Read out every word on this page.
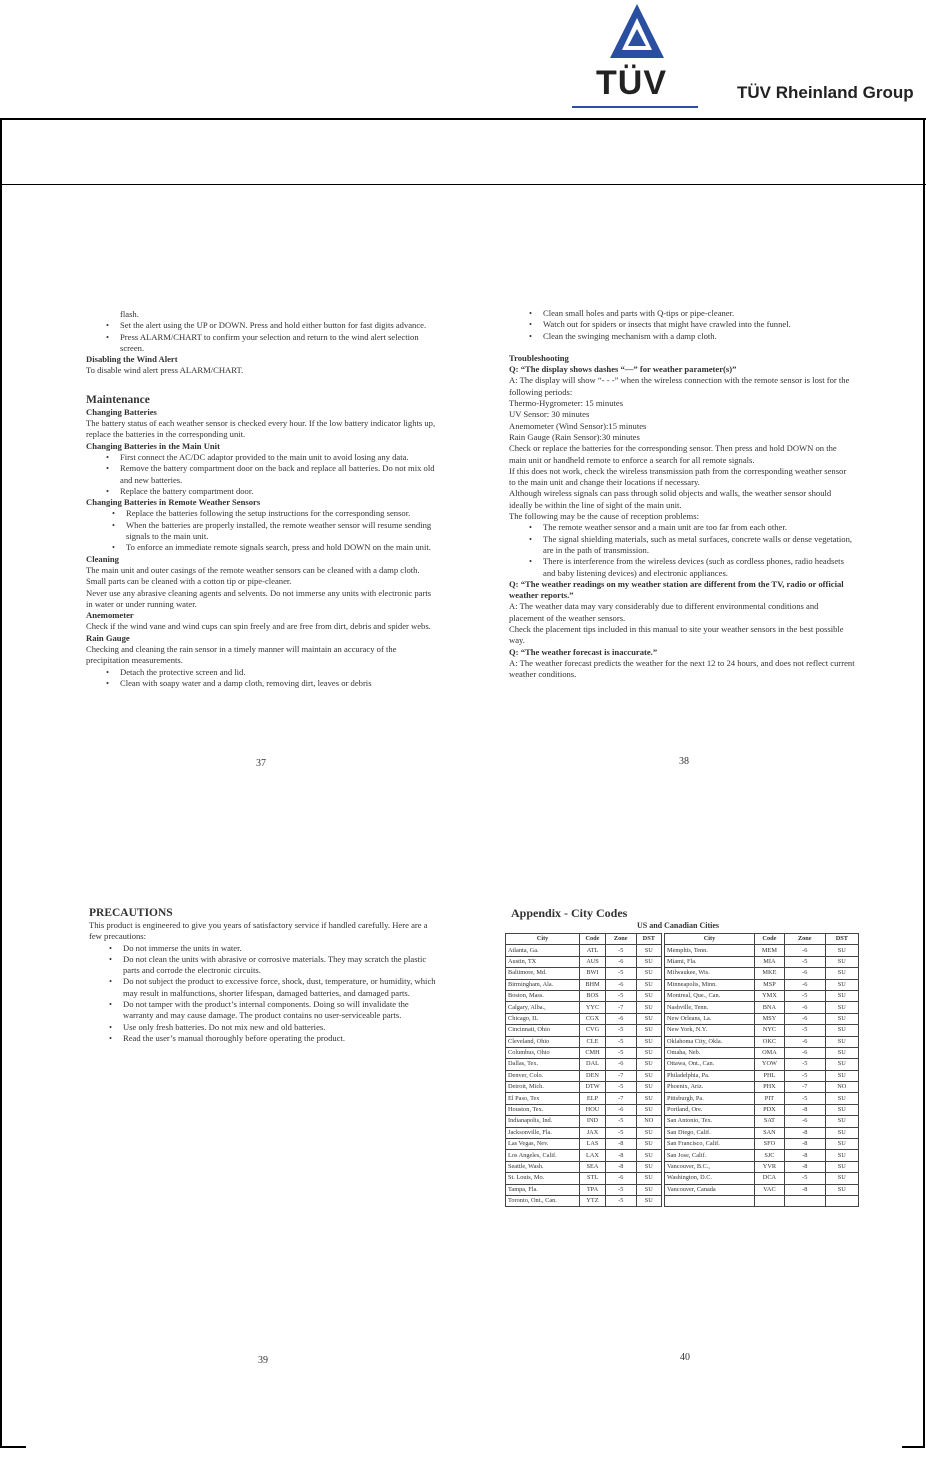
TÜV	TÜV Rheinland Group

flash.

• Set the alert using the UP or DOWN. Press and hold either button for fast digits advance.
• Press ALARM/CHART to confirm your selection and return to the wind alert selection screen.

Disabling the Wind Alert

To disable wind alert press ALARM/CHART.

Maintenance

Changing Batteries

The battery status of each weather sensor is checked every hour. If the low battery indicator lights up, replace the batteries in the corresponding unit.

Changing Batteries in the Main Unit

• First connect the AC/DC adaptor provided to the main unit to avoid losing any data.
• Remove the battery compartment door on the back and replace all batteries. Do not mix old and new batteries.
• Replace the battery compartment door.

Changing Batteries in Remote Weather Sensors

• Replace the batteries following the setup instructions for the corresponding sensor.
• When the batteries are properly installed, the remote weather sensor will resume sending signals to the main unit.
• To enforce an immediate remote signals search, press and hold DOWN on the main unit.

Cleaning

The main unit and outer casings of the remote weather sensors can be cleaned with a damp cloth. Small parts can be cleaned with a cotton tip or pipe-cleaner.

Never use any abrasive cleaning agents and selvents. Do not immerse any units with electronic parts in water or under running water.

Anemometer

Check if the wind vane and wind cups can spin freely and are free from dirt, debris and spider webs.

Rain Gauge

Checking and cleaning the rain sensor in a timely manner will maintain an accuracy of the precipitation measurements.

• Detach the protective screen and lid.
• Clean with soapy water and a damp cloth, removing dirt, leaves or debris
37
• Clean small holes and parts with Q-tips or pipe-cleaner.
• Watch out for spiders or insects that might have crawled into the funnel.
• Clean the swinging mechanism with a damp cloth.

Troubleshooting

Q: “The display shows dashes “—” for weather parameter(s)”

A: The display will show “- - -” when the wireless connection with the remote sensor is lost for the following periods:

Thermo-Hygrometer: 15 minutes

UV Sensor: 30 minutes

Anemometer (Wind Sensor):15 minutes

Rain Gauge (Rain Sensor):30 minutes

Check or replace the batteries for the corresponding sensor. Then press and hold DOWN on the main unit or handheld remote to enforce a search for all remote signals.

If this does not work, check the wireless transmission path from the corresponding weather sensor to the main unit and change their locations if necessary.

Although wireless signals can pass through solid objects and walls, the weather sensor should ideally be within the line of sight of the main unit.

The following may be the cause of reception problems:

• The remote weather sensor and a main unit are too far from each other.
• The signal shielding materials, such as metal surfaces, concrete walls or dense vegetation, are in the path of transmission.
• There is interference from the wireless devices (such as cordless phones, radio headsets and baby listening devices) and electronic appliances.

Q: “The weather readings on my weather station are different from the TV, radio or official weather reports.”

A: The weather data may vary considerably due to different environmental conditions and placement of the weather sensors.

Check the placement tips included in this manual to site your weather sensors in the best possible way.

Q: “The weather forecast is inaccurate.”

A: The weather forecast predicts the weather for the next 12 to 24 hours, and does not reflect current weather conditions.

38

PRECAUTIONS

This product is engineered to give you years of satisfactory service if handled carefully. Here are a few precautions:

• Do not immerse the units in water.
• Do not clean the units with abrasive or corrosive materials. They may scratch the plastic parts and corrode the electronic circuits.
• Do not subject the product to excessive force, shock, dust, temperature, or humidity, which may result in malfunctions, shorter lifespan, damaged batteries, and damaged parts.
• Do not tamper with the product’s internal components. Doing so will invalidate the warranty and may cause damage. The product contains no user-serviceable parts.
• Use only fresh batteries. Do not mix new and old batteries.
• Read the user’s manual thoroughly before operating the product.
39
Appendix - City Codes
US and Canadian Cities
City	Code	Zone	DST
Atlanta, Ga.	ATL	-5	SU
Austin, TX	AUS	-6	SU
Baltimore, Md.	BWI	-5	SU
Birmingham, Ala.	BHM	-6	SU
Boston, Mass.	BOS	-5	SU
Calgary, Alba.,	YYC	-7	SU
Chicago, IL	CGX	-6	SU
Cincinnati, Ohio	CVG	-5	SU
Cleveland, Ohio	CLE	-5	SU
Columbus, Ohio	CMH	-5	SU
Dallas, Tex.	DAL	-6	SU
Denver, Colo.	DEN	-7	SU
Detroit, Mich.	DTW	-5	SU
El Paso, Tex	ELP	-7	SU
Houston, Tex.	HOU	-6	SU
Indianapolis, Ind.	IND	-5	NO
Jacksonville, Fla.	JAX	-5	SU
Las Vegas, Nev.	LAS	-8	SU
Los Angeles, Calif.	LAX	-8	SU
Seattle, Wash.	SEA	-8	SU
St. Louis, Mo.	STL	-6	SU
Tampa, Fla.	TPA	-5	SU
Toronto, Ont., Can.	YTZ	-5	SU
City	Code	Zone	DST
Memphis, Tenn.	MEM	-6	SU
Miami, Fla.	MIA	-5	SU
Milwaukee, Wis.	MKE	-6	SU
Minneapolis, Minn.	MSP	-6	SU
Montreal, Que., Can.	YMX	-5	SU
Nashville, Tenn.	BNA	-6	SU
New Orleans, La.	MSY	-6	SU
New York, N.Y.	NYC	-5	SU
Oklahoma City, Okla.	OKC	-6	SU
Omaha, Neb.	OMA	-6	SU
Ottawa, Ont., Can.	YOW	-5	SU
Philadelphia, Pa.	PHL	-5	SU
Phoenix, Ariz.	PHX	-7	NO
Pittsburgh, Pa.	PIT	-5	SU
Portland, Ore.	PDX	-8	SU
San Antonio, Tex.	SAT	-6	SU
San Diego, Calif.	SAN	-8	SU
San Francisco, Calif.	SFO	-8	SU
San Jose, Calif.	SJC	-8	SU
Vancouver, B.C.,	YVR	-8	SU
Washington, D.C.	DCA	-5	SU
Vancouver, Canada	VAC	-8	SU

40
